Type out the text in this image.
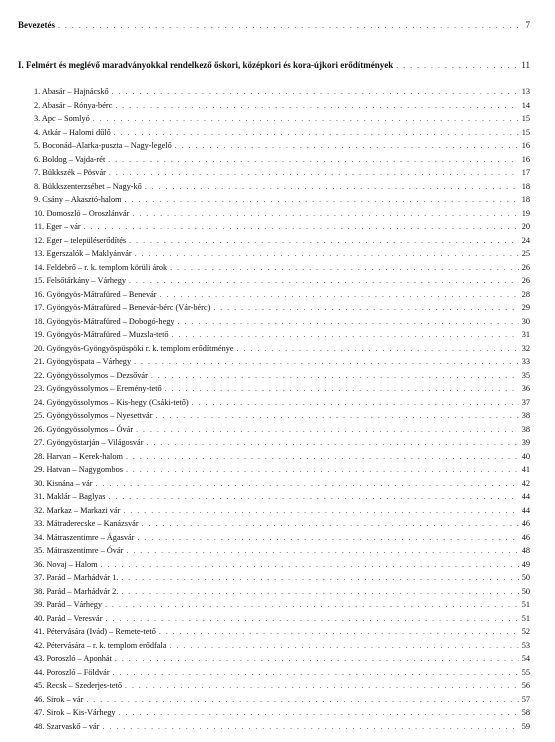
Bevezetés . . .	7
I. Felmért és meglévő maradványokkal rendelkező őskori, középkori és kora-újkori erődítmények . . .	11
1. Abasár – Hajnácskő . . .	13
2. Abasár – Rónya-bérc . . .	14
3. Apc – Somlyó . . .	15
4. Atkár – Halomi dűlő . . .	15
5. Boconád–Alarka-puszta – Nagy-legelő . . .	16
6. Boldog – Vajda-rét . . .	16
7. Bükkszék – Pösvár . . .	17
8. Bükkszenterzsébet – Nagy-kő . . .	18
9. Csány – Akasztó-halom . . .	18
10. Domoszló – Oroszlánvár . . .	19
11. Eger – vár . . .	20
12. Eger – településerődítés . . .	24
13. Egerszalók – Maklyánvár . . .	25
14. Feldebrő – r. k. templom körüli árok . . .	26
15. Felsőtárkány – Várhegy . . .	26
16. Gyöngyös-Mátrafüred – Benevár . . .	28
17. Gyöngyös-Mátrafüred – Benevár-bérc (Vár-bérc) . . .	29
18. Gyöngyös-Mátrafüred – Dobogó-hegy . . .	30
19. Gyöngyös-Mátrafüred – Muzsla-tető . . .	31
20. Gyöngyös-Gyöngyöspüspöki r. k. templom erődítménye . . .	32
21. Gyöngyöspata – Várhegy . . .	33
22. Gyöngyössolymos – Dezsővár . . .	35
23. Gyöngyössolymos – Eremény-tető . . .	36
24. Gyöngyössolymos – Kis-hegy (Csáki-tető) . . .	37
25. Gyöngyössolymos – Nyesettvár . . .	38
26. Gyöngyössolymos – Óvár . . .	38
27. Gyöngyöstarján – Világosvár . . .	39
28. Harvan – Kerek-halom . . .	40
29. Hatvan – Nagygombos . . .	41
30. Kisnána – vár . . .	42
31. Maklár – Baglyas . . .	44
32. Markaz – Markazi vár . . .	44
33. Mátraderecske – Kanázsvár . . .	46
34. Mátraszentimre – Ágasvár . . .	46
35. Mátraszentimre – Óvár . . .	48
36. Novaj – Halom . . .	49
37. Parád – Marhádvár 1. . . .	50
38. Parád – Marhádvár 2. . . .	50
39. Parád – Várhegy . . .	51
40. Parád – Veresvár . . .	51
41. Pétervására (Ivád) – Remete-tető . . .	52
42. Pétervására – r. k. templom erődfala . . .	53
43. Poroszló – Aponhát . . .	54
44. Poroszló – Földvár . . .	55
45. Recsk – Szederjes-tető . . .	56
46. Sirok – vár . . .	57
47. Sirok – Kis-Várhegy . . .	58
48. Szarvaskő – vár . . .	59
